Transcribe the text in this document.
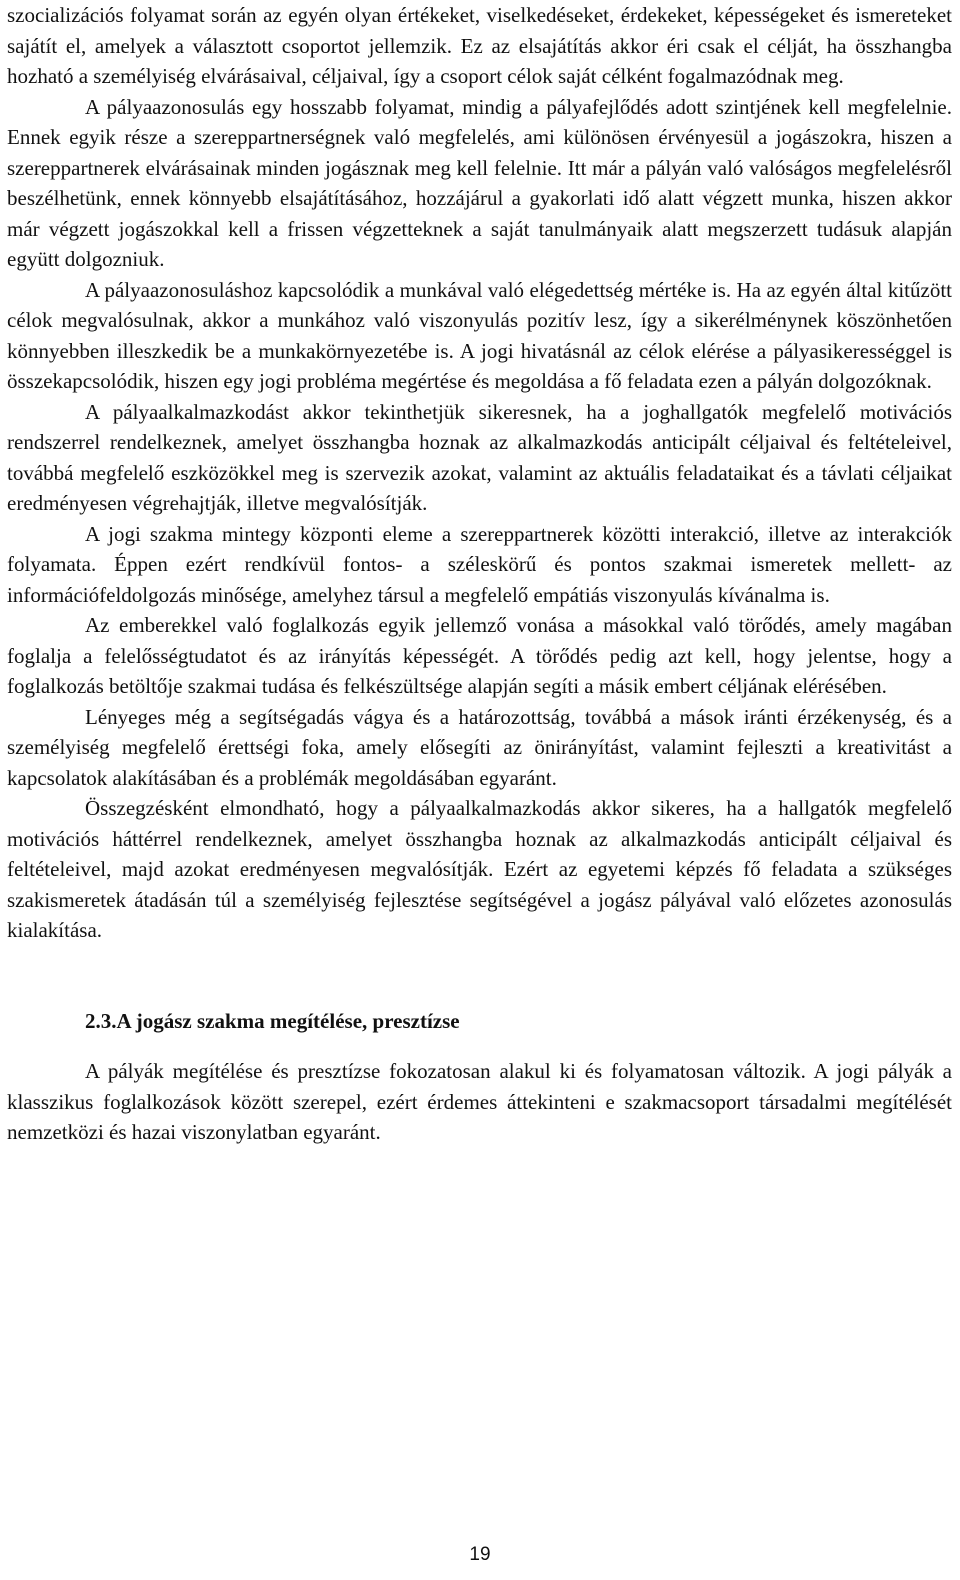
szocializációs folyamat során az egyén olyan értékeket, viselkedéseket, érdekeket, képességeket és ismereteket sajátít el, amelyek a választott csoportot jellemzik. Ez az elsajátítás akkor éri csak el célját, ha összhangba hozható a személyiség elvárásaival, céljaival, így a csoport célok saját célként fogalmazódnak meg.

A pályaazonosulás egy hosszabb folyamat, mindig a pályafejlődés adott szintjének kell megfelelnie. Ennek egyik része a szereppartnerségnek való megfelelés, ami különösen érvényesül a jogászokra, hiszen a szereppartnerek elvárásainak minden jogásznak meg kell felelnie. Itt már a pályán való valóságos megfelelésről beszélhetünk, ennek könnyebb elsajátításához, hozzájárul a gyakorlati idő alatt végzett munka, hiszen akkor már végzett jogászokkal kell a frissen végzetteknek a saját tanulmányaik alatt megszerzett tudásuk alapján együtt dolgozniuk.

A pályaazonosuláshoz kapcsolódik a munkával való elégedettség mértéke is. Ha az egyén által kitűzött célok megvalósulnak, akkor a munkához való viszonyulás pozitív lesz, így a sikerélménynek köszönhetően könnyebben illeszkedik be a munkakörnyezetébe is. A jogi hivatásnál az célok elérése a pályasikerességgel is összekapcsolódik, hiszen egy jogi probléma megértése és megoldása a fő feladata ezen a pályán dolgozóknak.

A pályaalkalmazkodást akkor tekinthetjük sikeresnek, ha a joghallgatók megfelelő motivációs rendszerrel rendelkeznek, amelyet összhangba hoznak az alkalmazkodás anticipált céljaival és feltételeivel, továbbá megfelelő eszközökkel meg is szervezik azokat, valamint az aktuális feladataikat és a távlati céljaikat eredményesen végrehajtják, illetve megvalósítják.

A jogi szakma mintegy központi eleme a szereppartnerek közötti interakció, illetve az interakciók folyamata. Éppen ezért rendkívül fontos- a széleskörű és pontos szakmai ismeretek mellett- az információfeldolgozás minősége, amelyhez társul a megfelelő empátiás viszonyulás kívánalma is.

Az emberekkel való foglalkozás egyik jellemző vonása a másokkal való törődés, amely magában foglalja a felelősségtudatot és az irányítás képességét. A törődés pedig azt kell, hogy jelentse, hogy a foglalkozás betöltője szakmai tudása és felkészültsége alapján segíti a másik embert céljának elérésében.

Lényeges még a segítségadás vágya és a határozottság, továbbá a mások iránti érzékenység, és a személyiség megfelelő érettségi foka, amely elősegíti az önirányítást, valamint fejleszti a kreativitást a kapcsolatok alakításában és a problémák megoldásában egyaránt.

Összegzésként elmondható, hogy a pályaalkalmazkodás akkor sikeres, ha a hallgatók megfelelő motivációs háttérrel rendelkeznek, amelyet összhangba hoznak az alkalmazkodás anticipált céljaival és feltételeivel, majd azokat eredményesen megvalósítják. Ezért az egyetemi képzés fő feladata a szükséges szakismeretek átadásán túl a személyiség fejlesztése segítségével a jogász pályával való előzetes azonosulás kialakítása.

2.3.A jogász szakma megítélése, presztízse

A pályák megítélése és presztízse fokozatosan alakul ki és folyamatosan változik. A jogi pályák a klasszikus foglalkozások között szerepel, ezért érdemes áttekinteni e szakmacsoport társadalmi megítélését nemzetközi és hazai viszonylatban egyaránt.

19
